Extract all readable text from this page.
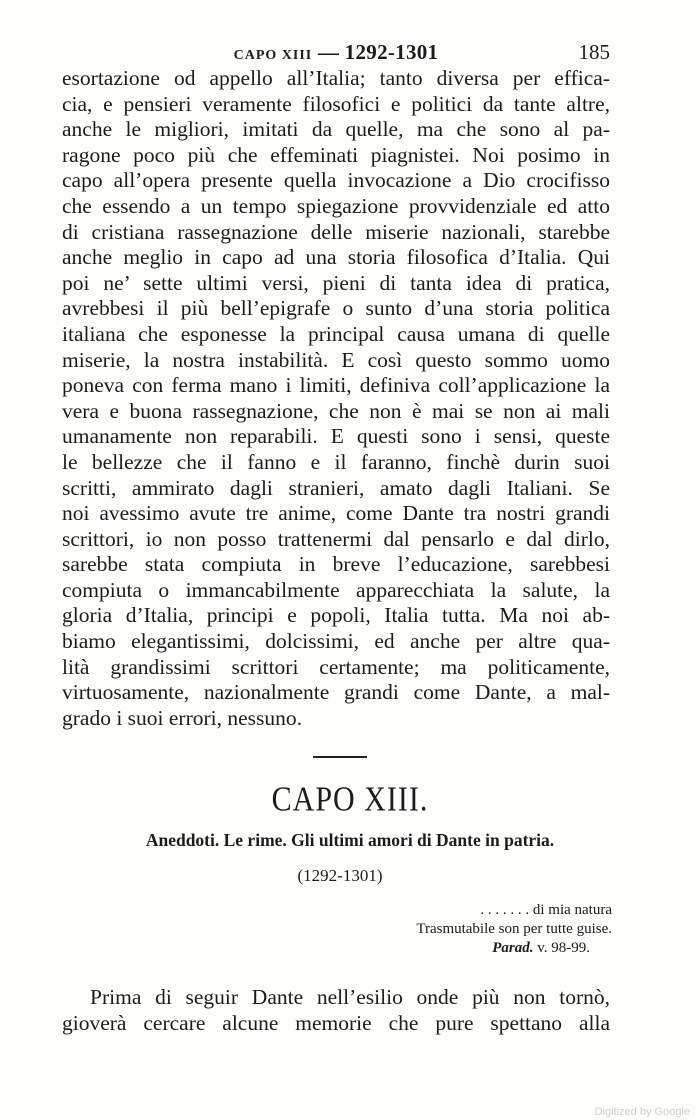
CAPO XIII — 1292-1301	185
esortazione od appello all’Italia; tanto diversa per effica-
cia, e pensieri veramente filosofici e politici da tante altre,
anche le migliori, imitati da quelle, ma che sono al pa-
ragone poco più che effeminati piagnistei. Noi posimo in
capo all’opera presente quella invocazione a Dio crocifisso
che essendo a un tempo spiegazione provvidenziale ed atto
di cristiana rassegnazione delle miserie nazionali, starebbe
anche meglio in capo ad una storia filosofica d’Italia. Qui
poi ne’ sette ultimi versi, pieni di tanta idea di pratica,
avrebbesi il più bell’epigrafe o sunto d’una storia politica
italiana che esponesse la principal causa umana di quelle
miserie, la nostra instabilità. E così questo sommo uomo
poneva con ferma mano i limiti, definiva coll’applicazione la
vera e buona rassegnazione, che non è mai se non ai mali
umanamente non reparabili. E questi sono i sensi, queste
le bellezze che il fanno e il faranno, finchè durin suoi
scritti, ammirato dagli stranieri, amato dagli Italiani. Se
noi avessimo avute tre anime, come Dante tra nostri grandi
scrittori, io non posso trattenermi dal pensarlo e dal dirlo,
sarebbe stata compiuta in breve l’educazione, sarebbesi
compiuta o immancabilmente apparecchiata la salute, la
gloria d’Italia, principi e popoli, Italia tutta. Ma noi ab-
biamo elegantissimi, dolcissimi, ed anche per altre qua-
lità grandissimi scrittori certamente; ma politicamente,
virtuosamente, nazionalmente grandi come Dante, a mal-
grado i suoi errori, nessuno.
CAPO XIII.
Aneddoti. Le rime. Gli ultimi amori di Dante in patria.
(1292-1301)
. . . . . . . di mia natura
Trasmutabile son per tutte guise.
Parad. v. 98-99.
Prima di seguir Dante nell’esilio onde più non tornò,
gioverà cercare alcune memorie che pure spettano alla
Digitized by Google
